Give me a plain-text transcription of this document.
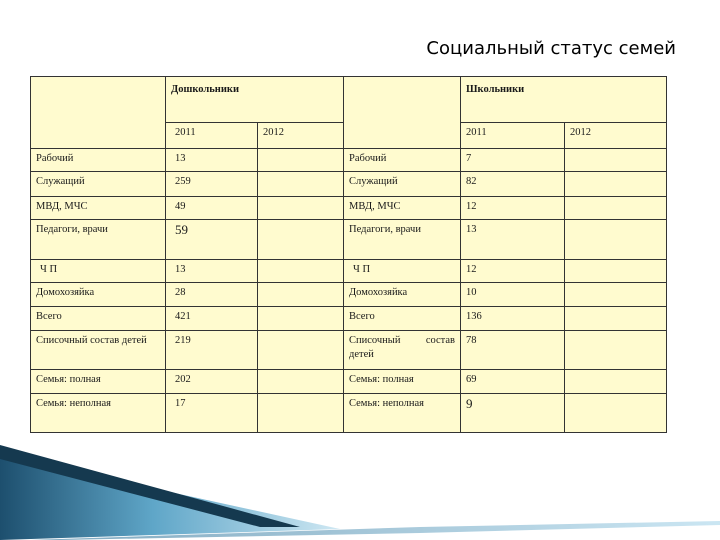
Социальный статус семей
	Дошкольники			Школьники	
	2011	2012		2011	2012
Рабочий	13		Рабочий	7	
Служащий	259		Служащий	82	
МВД, МЧС	49		МВД, МЧС	12	
Педагоги, врачи	59		Педагоги, врачи	13	
Ч П	13		Ч П	12	
Домохозяйка	28		Домохозяйка	10	
Всего	421		Всего	136	
Списочный состав детей	219		Списочный состав детей	78	
Семья: полная	202		Семья: полная	69	
Семья: неполная	17		Семья: неполная	9	
